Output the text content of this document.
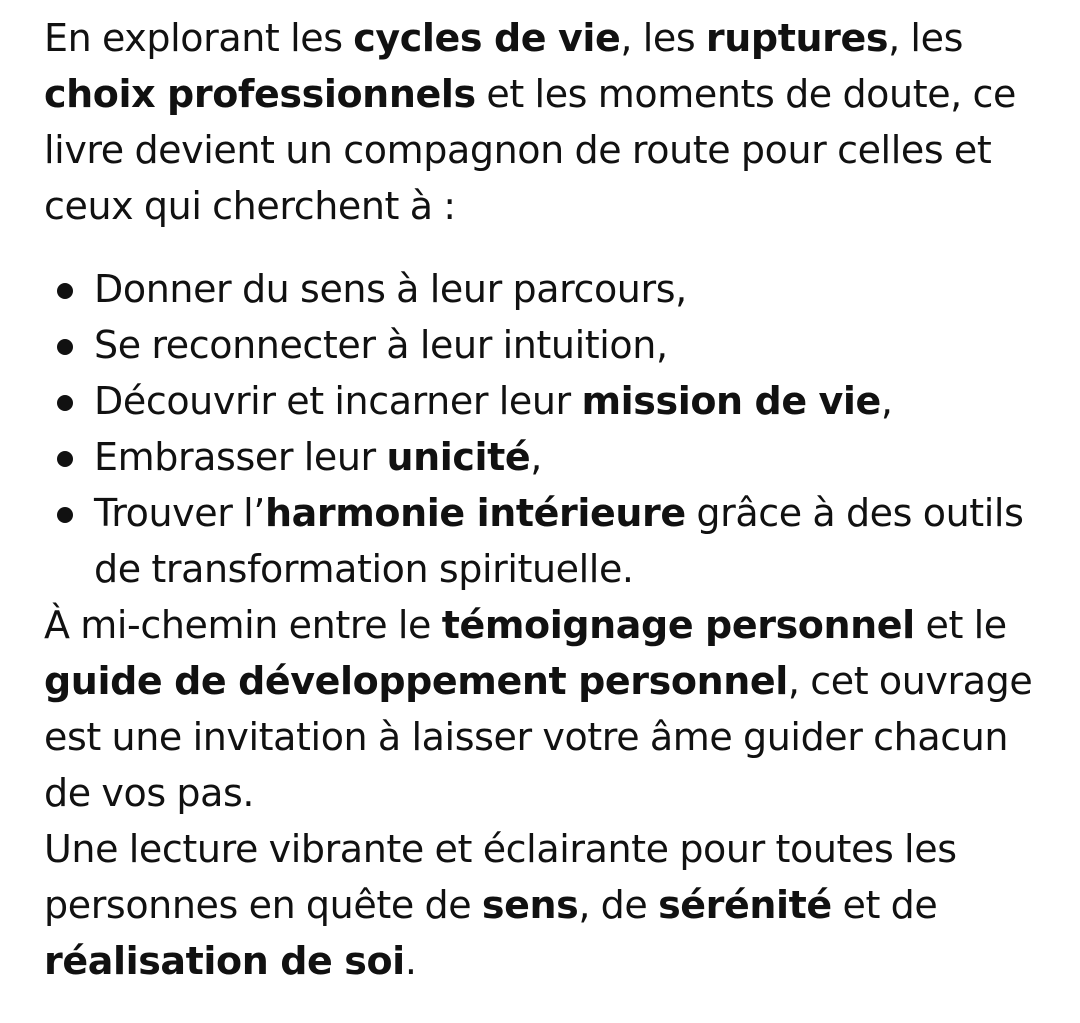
En explorant les cycles de vie, les ruptures, les choix professionnels et les moments de doute, ce livre devient un compagnon de route pour celles et ceux qui cherchent à :

Donner du sens à leur parcours,
Se reconnecter à leur intuition,
Découvrir et incarner leur mission de vie,
Embrasser leur unicité,
Trouver l’harmonie intérieure grâce à des outils de transformation spirituelle.

À mi-chemin entre le témoignage personnel et le guide de développement personnel, cet ouvrage est une invitation à laisser votre âme guider chacun de vos pas.

Une lecture vibrante et éclairante pour toutes les personnes en quête de sens, de sérénité et de réalisation de soi.
